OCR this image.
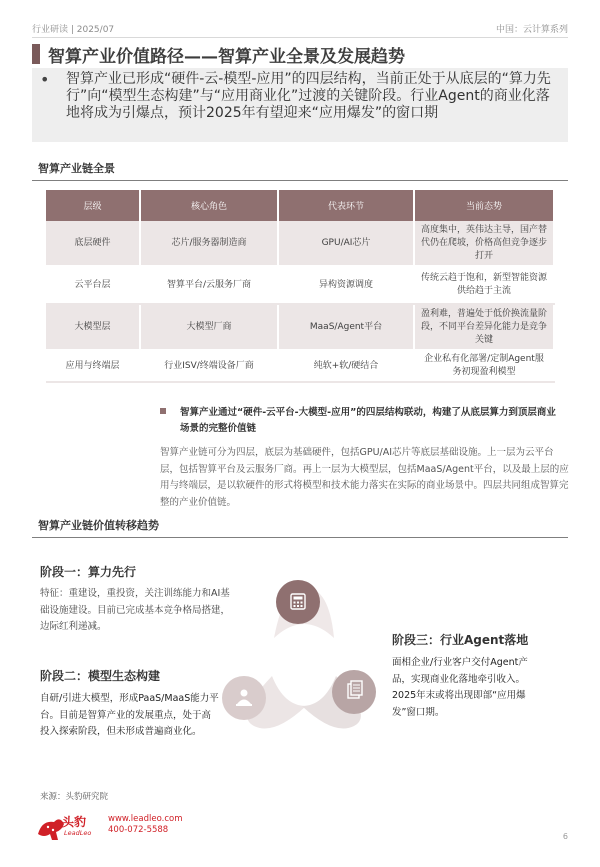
行业研读 | 2025/07	中国：云计算系列
智算产业价值路径——智算产业全景及发展趋势
• 智算产业已形成“硬件-云-模型-应用”的四层结构，当前正处于从底层的“算力先行”向“模型生态构建”与“应用商业化”过渡的关键阶段。行业Agent的商业化落地将成为引爆点，预计2025年有望迎来“应用爆发”的窗口期
智算产业链全景
层级	核心角色	代表环节	当前态势
底层硬件	芯片/服务器制造商	GPU/AI芯片	高度集中，英伟达主导，国产替代仍在爬坡，价格高但竞争逐步打开
云平台层	智算平台/云服务厂商	异构资源调度	传统云趋于饱和，新型智能资源供给趋于主流
大模型层	大模型厂商	MaaS/Agent平台	盈利难，普遍处于低价换流量阶段，不同平台差异化能力是竞争关键
应用与终端层	行业ISV/终端设备厂商	纯软+软/硬结合	企业私有化部署/定制Agent服务初现盈利模型
智算产业通过“硬件-云平台-大模型-应用”的四层结构联动，构建了从底层算力到顶层商业场景的完整价值链
智算产业链可分为四层，底层为基础硬件，包括GPU/AI芯片等底层基础设施。上一层为云平台层，包括智算平台及云服务厂商。再上一层为大模型层，包括MaaS/Agent平台，以及最上层的应用与终端层，是以软硬件的形式将模型和技术能力落实在实际的商业场景中。四层共同组成智算完整的产业价值链。
智算产业链价值转移趋势
阶段一：算力先行
特征：重建设，重投资，关注训练能力和AI基础设施建设。目前已完成基本竞争格局搭建，边际红利递减。
阶段二：模型生态构建
自研/引进大模型，形成PaaS/MaaS能力平台。目前是智算产业的发展重点，处于高投入探索阶段，但未形成普遍商业化。
阶段三：行业Agent落地
面相企业/行业客户交付Agent产品，实现商业化落地牵引收入。2025年末或将出现即部“应用爆发”窗口期。
来源：头豹研究院
头豹
LeadLeo
www.leadleo.com
400-072-5588
6
